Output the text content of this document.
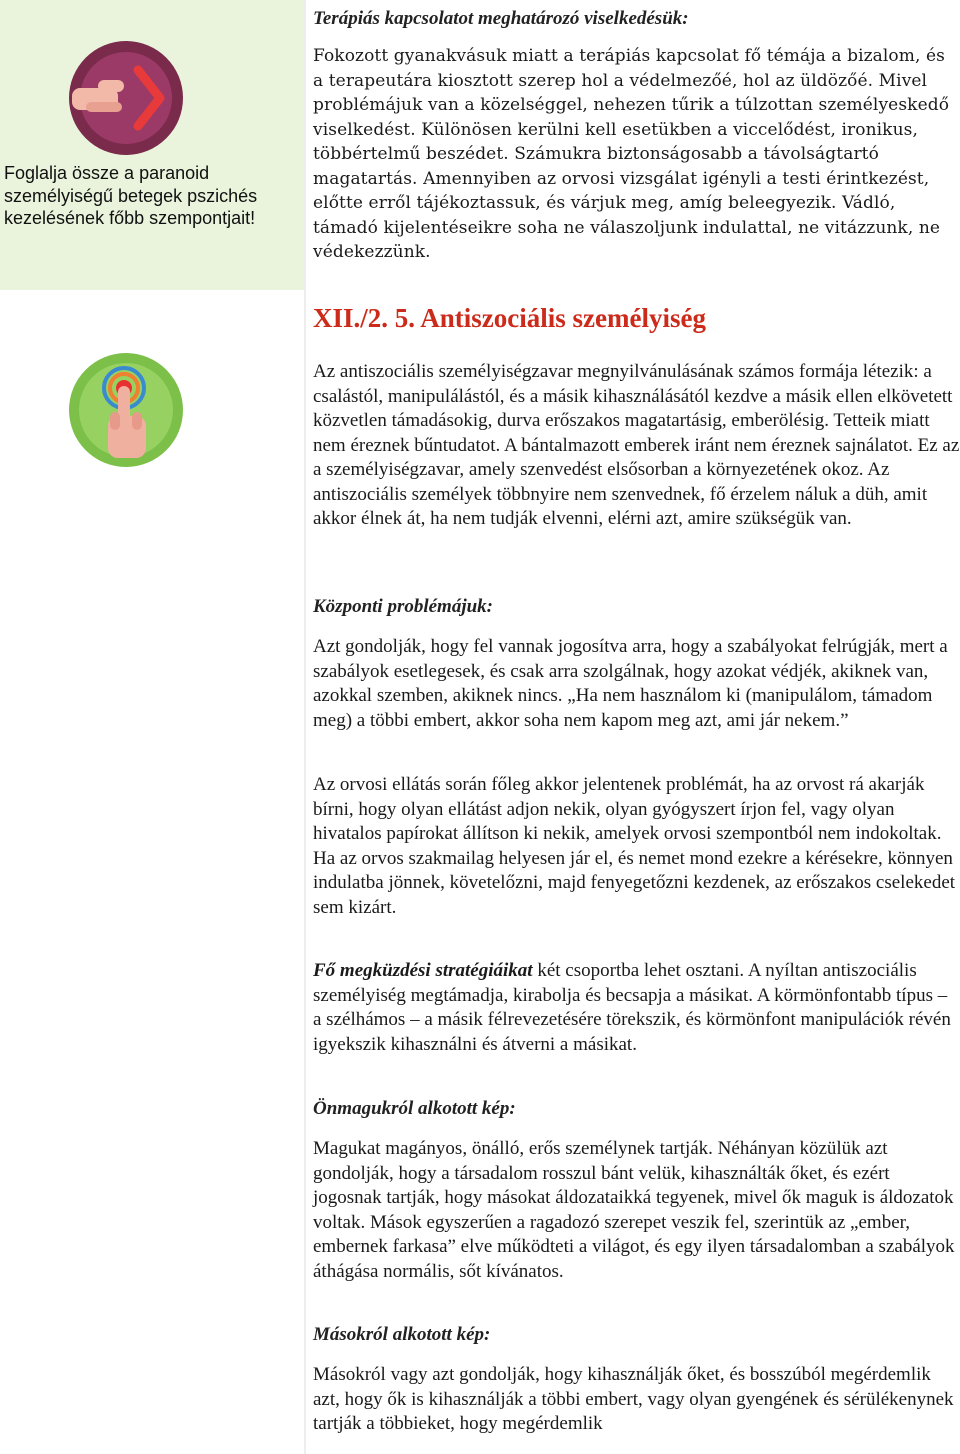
Foglalja össze a paranoid személyiségű betegek pszichés kezelésének főbb szempontjait!
Terápiás kapcsolatot meghatározó viselkedésük:
Fokozott gyanakvásuk miatt a terápiás kapcsolat fő témája a bizalom, és a terapeutára kiosztott szerep hol a védelmezőé, hol az üldözőé. Mivel problémájuk van a közelséggel, nehezen tűrik a túlzottan személyeskedő viselkedést. Különösen kerülni kell esetükben a viccelődést, ironikus, többértelmű beszédet. Számukra biztonságosabb a távolságtartó magatartás. Amennyiben az orvosi vizsgálat igényli a testi érintkezést, előtte erről tájékoztassuk, és várjuk meg, amíg beleegyezik. Vádló, támadó kijelentéseikre soha ne válaszoljunk indulattal, ne vitázzunk, ne védekezzünk.
XII./2. 5. Antiszociális személyiség
Az antiszociális személyiségzavar megnyilvánulásának számos formája létezik: a csalástól, manipulálástól, és a másik kihasználásától kezdve a másik ellen elkövetett közvetlen támadásokig, durva erőszakos magatartásig, emberölésig. Tetteik miatt nem éreznek bűntudatot. A bántalmazott emberek iránt nem éreznek sajnálatot. Ez az a személyiségzavar, amely szenvedést elsősorban a környezetének okoz. Az antiszociális személyek többnyire nem szenvednek, fő érzelem náluk a düh, amit akkor élnek át, ha nem tudják elvenni, elérni azt, amire szükségük van.
Központi problémájuk:
Azt gondolják, hogy fel vannak jogosítva arra, hogy a szabályokat felrúgják, mert a szabályok esetlegesek, és csak arra szolgálnak, hogy azokat védjék, akiknek van, azokkal szemben, akiknek nincs. „Ha nem használom ki (manipulálom, támadom meg) a többi embert, akkor soha nem kapom meg azt, ami jár nekem.”
Az orvosi ellátás során főleg akkor jelentenek problémát, ha az orvost rá akarják bírni, hogy olyan ellátást adjon nekik, olyan gyógyszert írjon fel, vagy olyan hivatalos papírokat állítson ki nekik, amelyek orvosi szempontból nem indokoltak. Ha az orvos szakmailag helyesen jár el, és nemet mond ezekre a kérésekre, könnyen indulatba jönnek, követelőzni, majd fenyegetőzni kezdenek, az erőszakos cselekedet sem kizárt.
Fő megküzdési stratégiáikat két csoportba lehet osztani. A nyíltan antiszociális személyiség megtámadja, kirabolja és becsapja a másikat. A körmönfontabb típus – a szélhámos – a másik félrevezetésére törekszik, és körmönfont manipulációk révén igyekszik kihasználni és átverni a másikat.
Önmagukról alkotott kép:
Magukat magányos, önálló, erős személynek tartják. Néhányan közülük azt gondolják, hogy a társadalom rosszul bánt velük, kihasználták őket, és ezért jogosnak tartják, hogy másokat áldozataikká tegyenek, mivel ők maguk is áldozatok voltak. Mások egyszerűen a ragadozó szerepet veszik fel, szerintük az „ember, embernek farkasa” elve működteti a világot, és egy ilyen társadalomban a szabályok áthágása normális, sőt kívánatos.
Másokról alkotott kép:
Másokról vagy azt gondolják, hogy kihasználják őket, és bosszúból megérdemlik azt, hogy ők is kihasználják a többi embert, vagy olyan gyengének és sérülékenynek tartják a többieket, hogy megérdemlik
